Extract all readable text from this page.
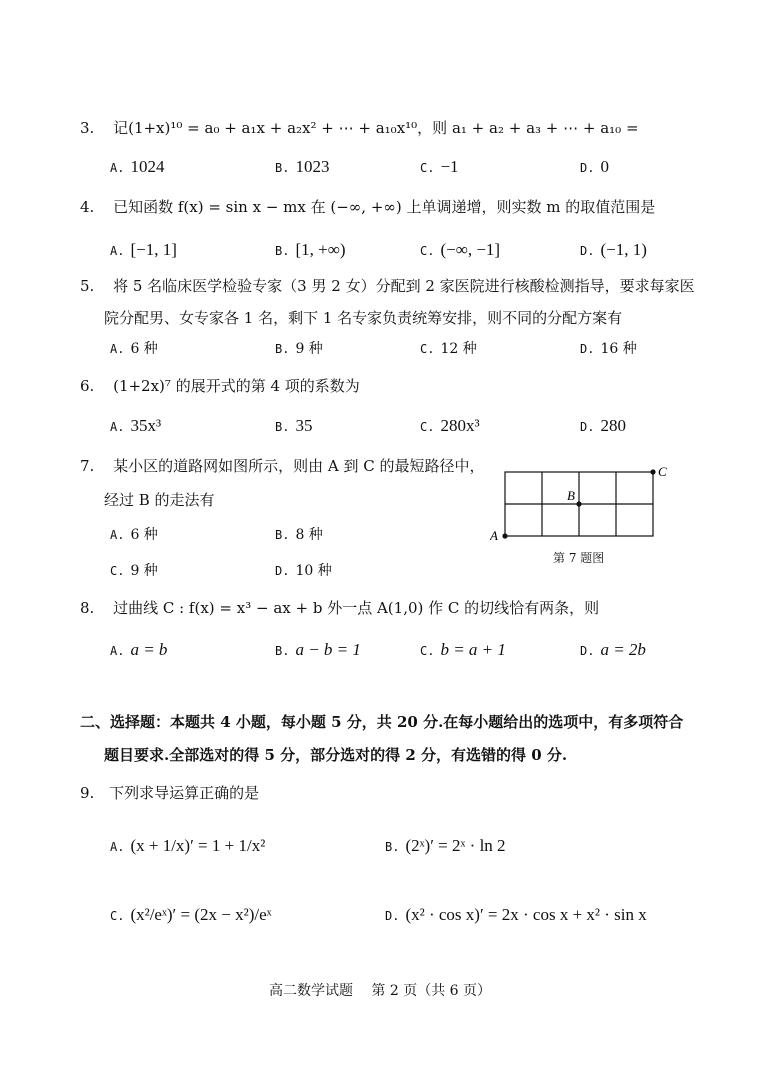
3. 记(1+x)¹⁰ = a₀ + a₁x + a₂x² + ⋯ + a₁₀x¹⁰，则 a₁ + a₂ + a₃ + ⋯ + a₁₀ =
A. 1024	B. 1023	C. −1	D. 0
4. 已知函数 f(x) = sin x − mx 在 (−∞, +∞) 上单调递增，则实数 m 的取值范围是
A. [−1, 1]	B. [1, +∞)	C. (−∞, −1]	D. (−1, 1)
5. 将 5 名临床医学检验专家（3 男 2 女）分配到 2 家医院进行核酸检测指导，要求每家医
院分配男、女专家各 1 名，剩下 1 名专家负责统筹安排，则不同的分配方案有
A. 6 种	B. 9 种	C. 12 种	D. 16 种
6. (1+2x)⁷ 的展开式的第 4 项的系数为
A. 35x³	B. 35	C. 280x³	D. 280
7. 某小区的道路网如图所示，则由 A 到 C 的最短路径中，
经过 B 的走法有
A. 6 种	B. 8 种
C. 9 种	D. 10 种
A
B
C
第 7 题图
8. 过曲线 C : f(x) = x³ − ax + b 外一点 A(1,0) 作 C 的切线恰有两条，则
A. a = b	B. a − b = 1	C. b = a + 1	D. a = 2b
二、选择题：本题共 4 小题，每小题 5 分，共 20 分.在每小题给出的选项中，有多项符合
题目要求.全部选对的得 5 分，部分选对的得 2 分，有选错的得 0 分.
9. 下列求导运算正确的是
A. (x + 1/x)′ = 1 + 1/x²	B. (2ˣ)′ = 2ˣ · ln 2
C. (x²/eˣ)′ = (2x − x²)/eˣ	D. (x² · cos x)′ = 2x · cos x + x² · sin x
高二数学试题　 第 2 页（共 6 页）
